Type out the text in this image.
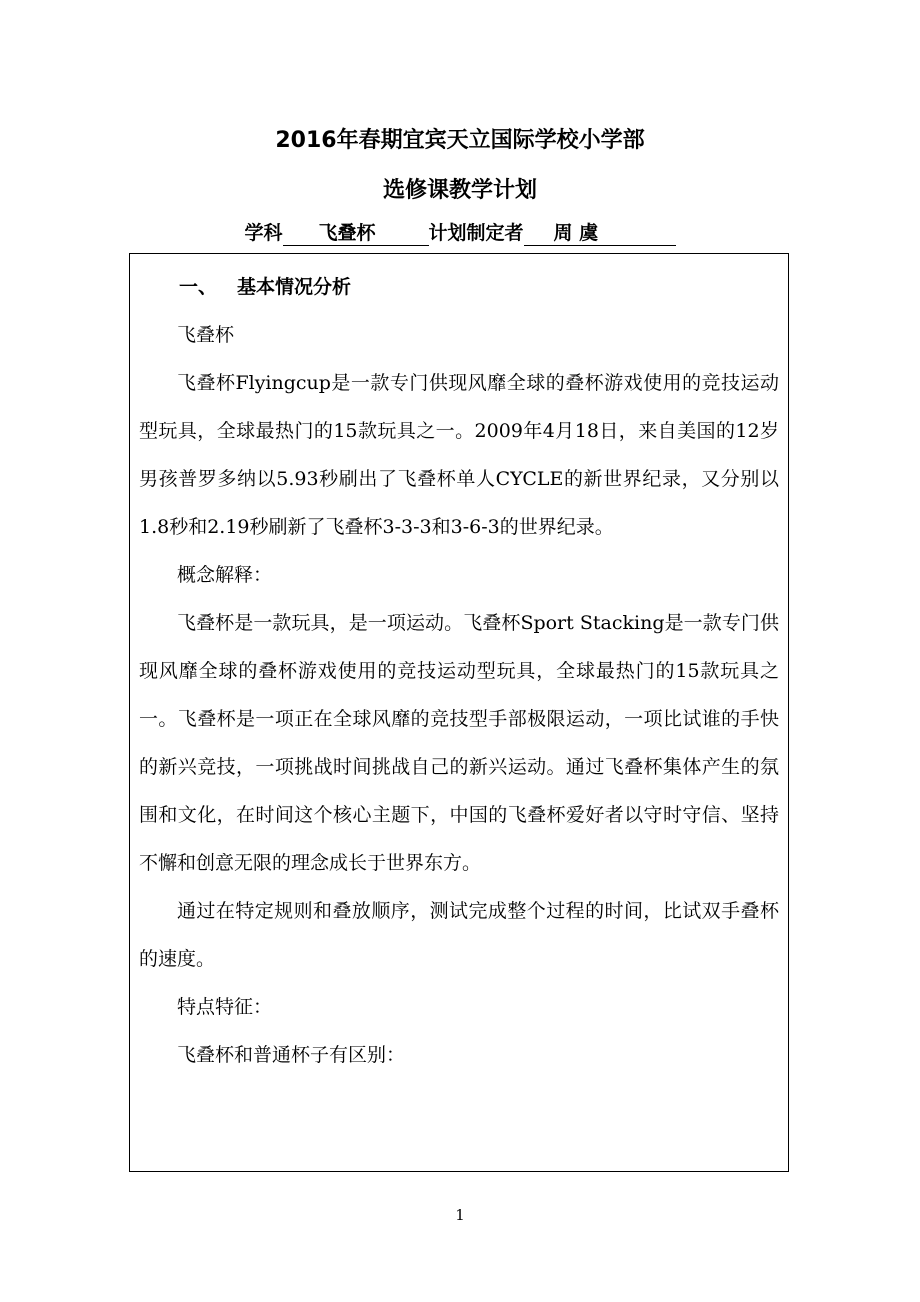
2016年春期宜宾天立国际学校小学部
选修课教学计划
学科 飞叠杯	计划制定者 周 虞

一、 基本情况分析

飞叠杯

飞叠杯Flyingcup是一款专门供现风靡全球的叠杯游戏使用的竞技运动型玩具，全球最热门的15款玩具之一。2009年4月18日，来自美国的12岁男孩普罗多纳以5.93秒刷出了飞叠杯单人CYCLE的新世界纪录，又分别以1.8秒和2.19秒刷新了飞叠杯3-3-3和3-6-3的世界纪录。

概念解释：

飞叠杯是一款玩具，是一项运动。飞叠杯Sport Stacking是一款专门供现风靡全球的叠杯游戏使用的竞技运动型玩具，全球最热门的15款玩具之一。飞叠杯是一项正在全球风靡的竞技型手部极限运动，一项比试谁的手快的新兴竞技，一项挑战时间挑战自己的新兴运动。通过飞叠杯集体产生的氛围和文化，在时间这个核心主题下，中国的飞叠杯爱好者以守时守信、坚持不懈和创意无限的理念成长于世界东方。

通过在特定规则和叠放顺序，测试完成整个过程的时间，比试双手叠杯的速度。

特点特征：

飞叠杯和普通杯子有区别：

1
